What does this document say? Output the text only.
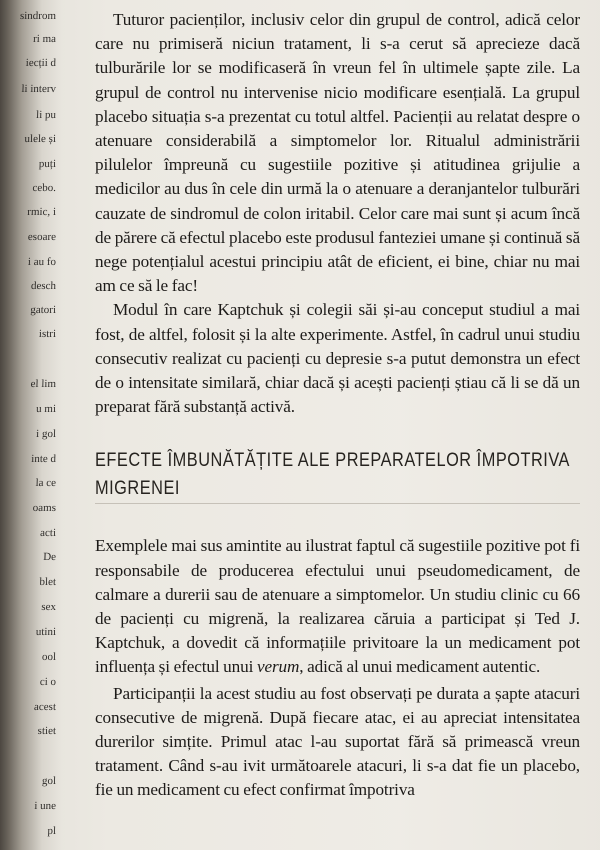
sindrom
ri ma
iecții d
li interv
li pu
ulele și
puți
cebo.
rmic, i
esoare
i au fo
desch
gatori
istri
el lim
u mi
i gol
inte d
la ce
oams
acti
De
blet
sex
utini
ool
ci o
acest
stiet
gol
i une
pl

Tuturor pacienților, inclusiv celor din grupul de control, adică celor care nu primiseră niciun tratament, li s-a cerut să aprecieze dacă tulburările lor se modificaseră în vreun fel în ultimele șapte zile. La grupul de control nu intervenise nicio modificare esențială. La grupul placebo situația s-a prezentat cu totul altfel. Pacienții au relatat despre o atenuare considerabilă a simptomelor lor. Ritualul administrării pilulelor împreună cu sugestiile pozitive și atitudinea grijulie a medicilor au dus în cele din urmă la o atenuare a deranjantelor tulburări cauzate de sindromul de colon iritabil. Celor care mai sunt și acum încă de părere că efectul placebo este produsul fanteziei umane și continuă să nege potențialul acestui principiu atât de eficient, ei bine, chiar nu mai am ce să le fac!

Modul în care Kaptchuk și colegii săi și-au conceput studiul a mai fost, de altfel, folosit și la alte experimente. Astfel, în cadrul unui studiu consecutiv realizat cu pacienți cu depresie s-a putut demonstra un efect de o intensitate similară, chiar dacă și acești pacienți știau că li se dă un preparat fără substanță activă.

EFECTE ÎMBUNĂTĂȚITE ALE PREPARATELOR ÎMPOTRIVA MIGRENEI

Exemplele mai sus amintite au ilustrat faptul că sugestiile pozitive pot fi responsabile de producerea efectului unui pseudomedicament, de calmare a durerii sau de atenuare a simptomelor. Un studiu clinic cu 66 de pacienți cu migrenă, la realizarea căruia a participat și Ted J. Kaptchuk, a dovedit că informațiile privitoare la un medicament pot influența și efectul unui verum, adică al unui medicament autentic.

Participanții la acest studiu au fost observați pe durata a șapte atacuri consecutive de migrenă. După fiecare atac, ei au apreciat intensitatea durerilor simțite. Primul atac l-au suportat fără să primească vreun tratament. Când s-au ivit următoarele atacuri, li s-a dat fie un placebo, fie un medicament cu efect confirmat împotriva
